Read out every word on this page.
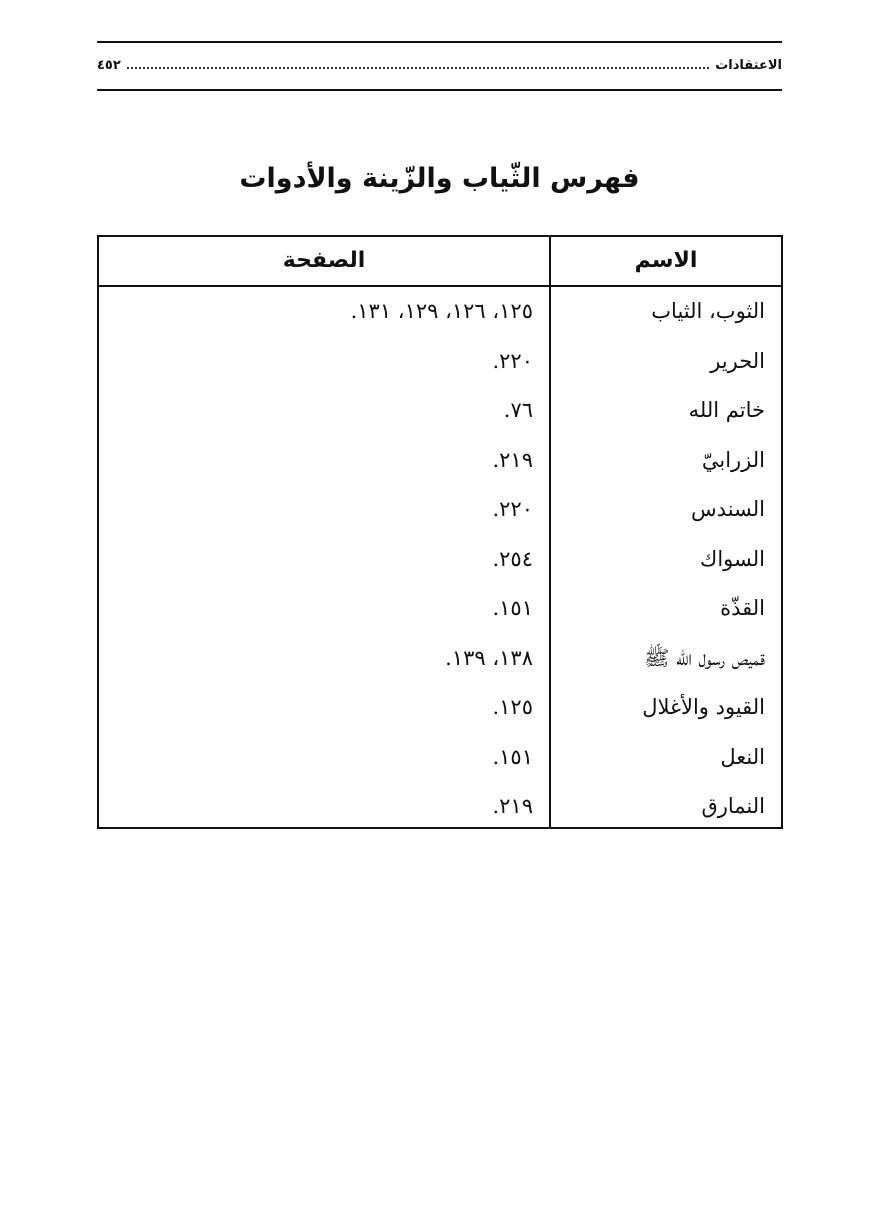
الاعتقادات
٤٥٢
فهرس الثّياب والزّينة والأدوات
الاسم
الصفحة
الثوب، الثياب
١٢٥، ١٢٦، ١٢٩، ١٣١.
الحرير
٢٢٠.
خاتم الله
٧٦.
الزرابيّ
٢١٩.
السندس
٢٢٠.
السواك
٢٥٤.
القذّة
١٥١.
قميص رسول الله ﷺ
١٣٨، ١٣٩.
القيود والأغلال
١٢٥.
النعل
١٥١.
النمارق
٢١٩.
